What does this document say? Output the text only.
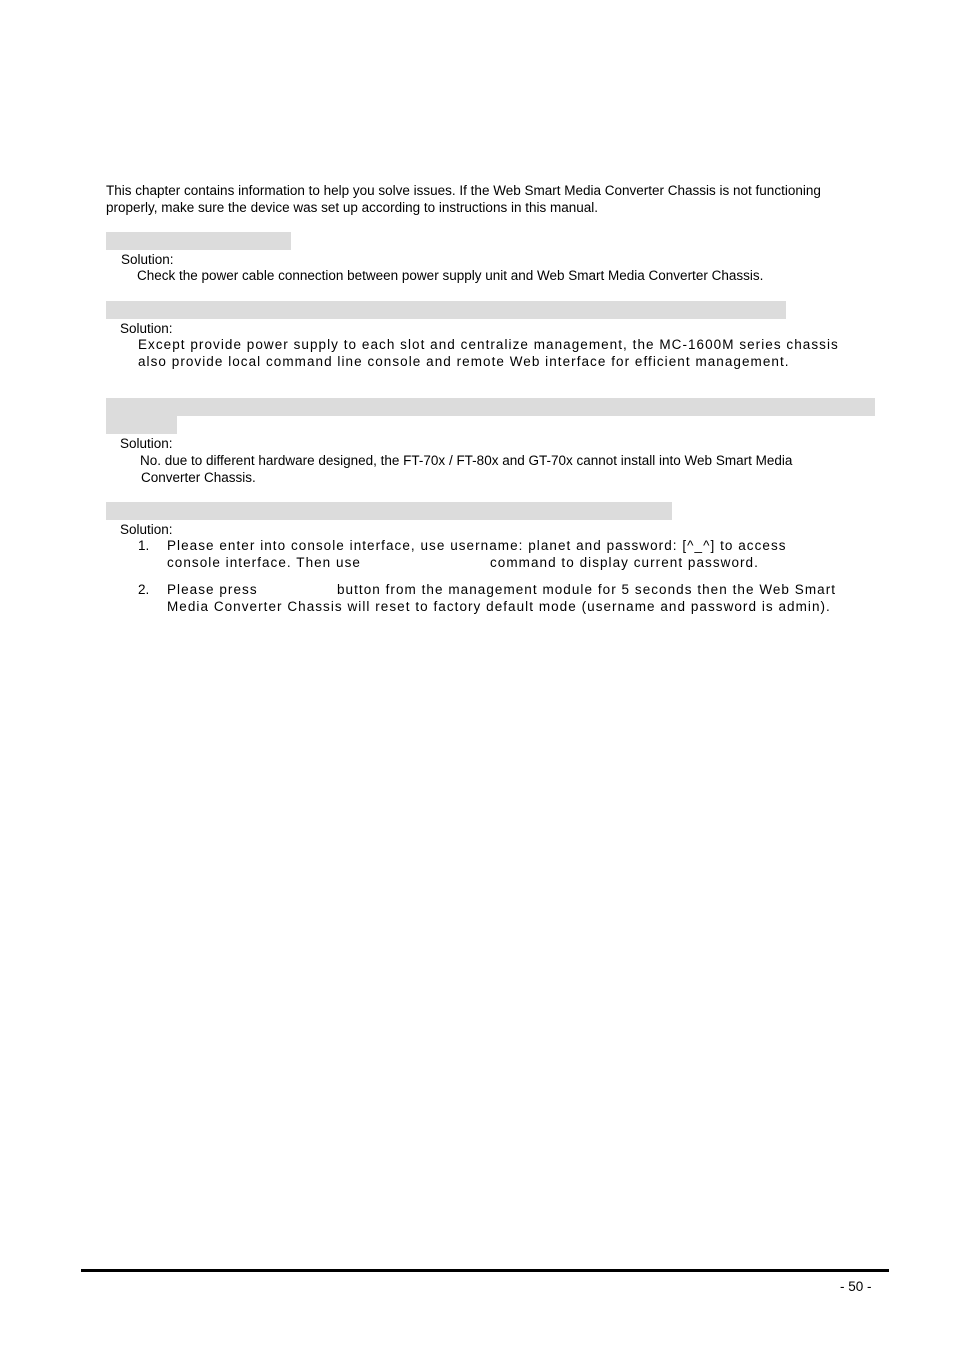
This chapter contains information to help you solve issues. If the Web Smart Media Converter Chassis is not functioning
properly, make sure the device was set up according to instructions in this manual.
Solution:
Check the power cable connection between power supply unit and Web Smart Media Converter Chassis.
Solution:
Except provide power supply to each slot and centralize management, the MC-1600M series chassis
also provide local command line console and remote Web interface for efficient management.
Solution:
No. due to different hardware designed, the FT-70x / FT-80x and GT-70x cannot install into Web Smart Media
Converter Chassis.
Solution:
1. Please enter into console interface, use username: planet and password: [^_^] to access
console interface. Then use	command to display current password.
2. Please press	button from the management module for 5 seconds then the Web Smart
Media Converter Chassis will reset to factory default mode (username and password is admin).
- 50 -
